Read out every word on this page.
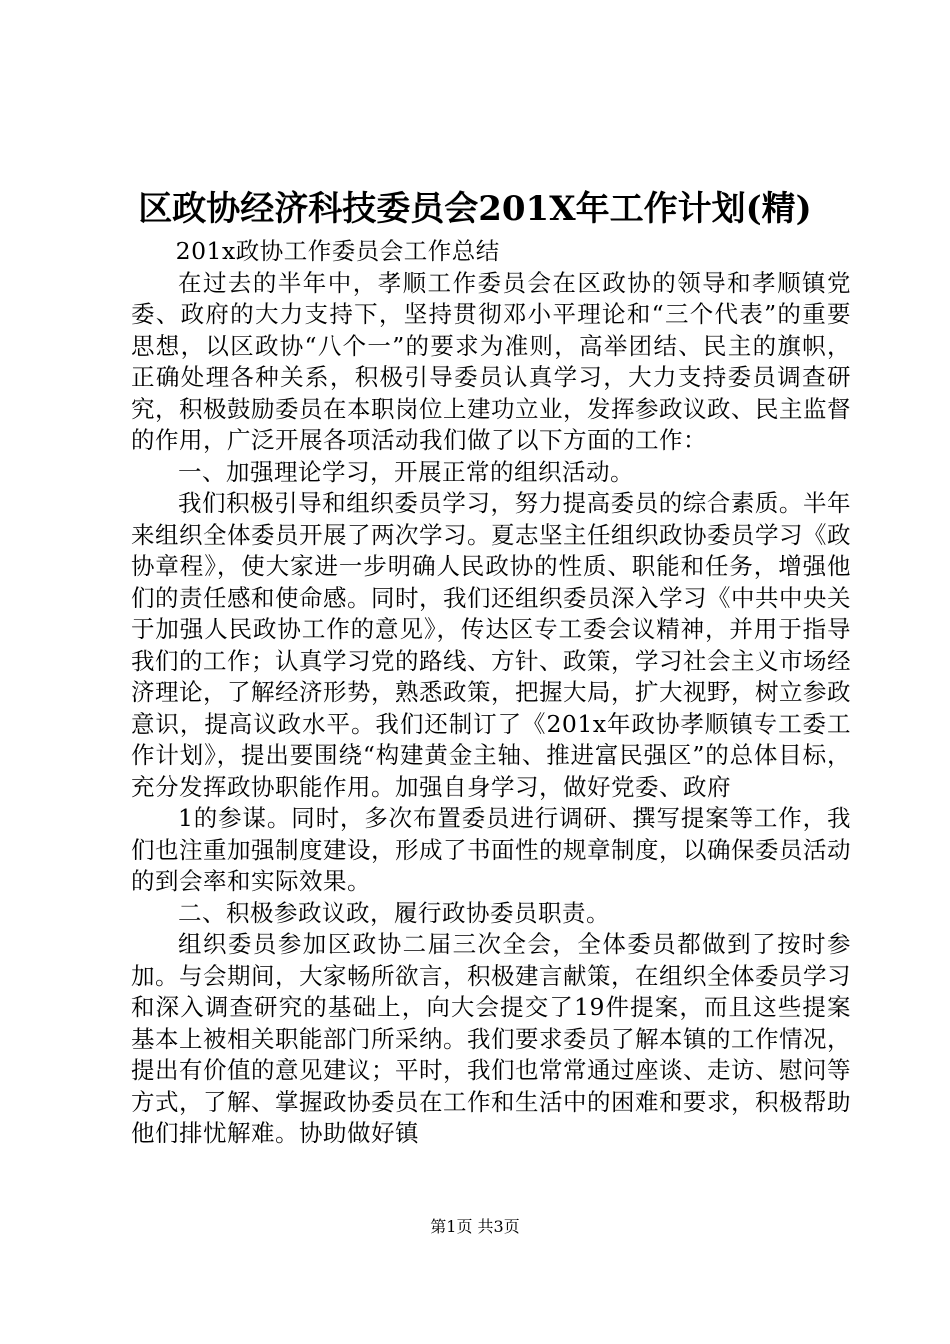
区政协经济科技委员会201X年工作计划(精)

201x政协工作委员会工作总结

在过去的半年中，孝顺工作委员会在区政协的领导和孝顺镇党委、政府的大力支持下，坚持贯彻邓小平理论和“三个代表”的重要思想，以区政协“八个一”的要求为准则，高举团结、民主的旗帜，正确处理各种关系，积极引导委员认真学习，大力支持委员调查研究，积极鼓励委员在本职岗位上建功立业，发挥参政议政、民主监督的作用，广泛开展各项活动我们做了以下方面的工作：

一、加强理论学习，开展正常的组织活动。

我们积极引导和组织委员学习，努力提高委员的综合素质。半年来组织全体委员开展了两次学习。夏志坚主任组织政协委员学习《政协章程》，使大家进一步明确人民政协的性质、职能和任务，增强他们的责任感和使命感。同时，我们还组织委员深入学习《中共中央关于加强人民政协工作的意见》，传达区专工委会议精神，并用于指导我们的工作；认真学习党的路线、方针、政策，学习社会主义市场经济理论，了解经济形势，熟悉政策，把握大局，扩大视野，树立参政意识，提高议政水平。我们还制订了《201x年政协孝顺镇专工委工作计划》，提出要围绕“构建黄金主轴、推进富民强区”的总体目标，充分发挥政协职能作用。加强自身学习，做好党委、政府

1的参谋。同时，多次布置委员进行调研、撰写提案等工作，我们也注重加强制度建设，形成了书面性的规章制度，以确保委员活动的到会率和实际效果。

二、积极参政议政，履行政协委员职责。

组织委员参加区政协二届三次全会，全体委员都做到了按时参加。与会期间，大家畅所欲言，积极建言献策，在组织全体委员学习和深入调查研究的基础上，向大会提交了19件提案，而且这些提案基本上被相关职能部门所采纳。我们要求委员了解本镇的工作情况，提出有价值的意见建议；平时，我们也常常通过座谈、走访、慰问等方式，了解、掌握政协委员在工作和生活中的困难和要求，积极帮助他们排忧解难。协助做好镇

第1页 共3页
